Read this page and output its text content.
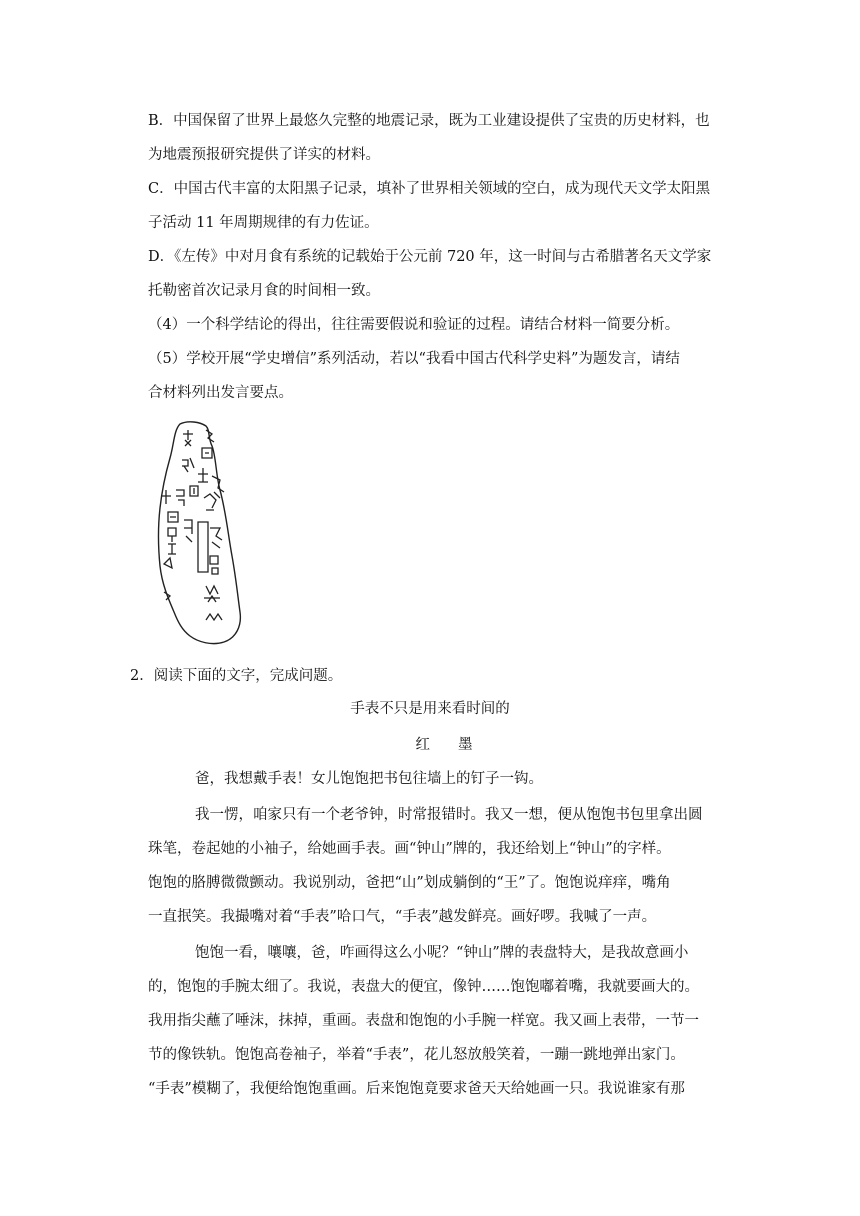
B．中国保留了世界上最悠久完整的地震记录，既为工业建设提供了宝贵的历史材料，也
为地震预报研究提供了详实的材料。
C．中国古代丰富的太阳黑子记录，填补了世界相关领域的空白，成为现代天文学太阳黑
子活动 11 年周期规律的有力佐证。
D．《左传》中对月食有系统的记载始于公元前 720 年，这一时间与古希腊著名天文学家
托勒密首次记录月食的时间相一致。
（4）一个科学结论的得出，往往需要假说和验证的过程。请结合材料一简要分析。
（5）学校开展“学史增信”系列活动，若以“我看中国古代科学史料”为题发言，请结
合材料列出发言要点。
2．阅读下面的文字，完成问题。
手表不只是用来看时间的
红墨
爸，我想戴手表！女儿饱饱把书包往墙上的钉子一钩。
我一愣，咱家只有一个老爷钟，时常报错时。我又一想，便从饱饱书包里拿出圆
珠笔，卷起她的小袖子，给她画手表。画“钟山”牌的，我还给划上“钟山”的字样。
饱饱的胳膊微微颤动。我说别动，爸把“山”划成躺倒的“王”了。饱饱说痒痒，嘴角
一直抿笑。我撮嘴对着“手表”哈口气，“手表”越发鲜亮。画好啰。我喊了一声。
饱饱一看，嚷嚷，爸，咋画得这么小呢？“钟山”牌的表盘特大，是我故意画小
的，饱饱的手腕太细了。我说，表盘大的便宜，像钟……饱饱嘟着嘴，我就要画大的。
我用指尖蘸了唾沫，抹掉，重画。表盘和饱饱的小手腕一样宽。我又画上表带，一节一
节的像铁轨。饱饱高卷袖子，举着“手表”，花儿怒放般笑着，一蹦一跳地弹出家门。
“手表”模糊了，我便给饱饱重画。后来饱饱竟要求爸天天给她画一只。我说谁家有那
